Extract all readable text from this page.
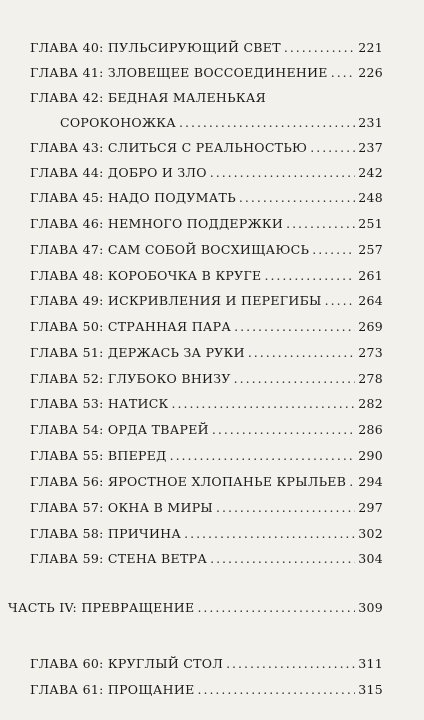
ГЛАВА 40: ПУЛЬСИРУЮЩИЙ СВЕТ .....	221
ГЛАВА 41: ЗЛОВЕЩЕЕ ВОССОЕДИНЕНИЕ ..... 226
ГЛАВА 42: БЕДНАЯ МАЛЕНЬКАЯ
СОРОКОНОЖКА .....	231
ГЛАВА 43: СЛИТЬСЯ С РЕАЛЬНОСТЬЮ .....	237
ГЛАВА 44: ДОБРО И ЗЛО .....	242
ГЛАВА 45: НАДО ПОДУМАТЬ .....	248
ГЛАВА 46: НЕМНОГО ПОДДЕРЖКИ .....	251
ГЛАВА 47: САМ СОБОЙ ВОСХИЩАЮСЬ .....	257
ГЛАВА 48: КОРОБОЧКА В КРУГЕ .....	261
ГЛАВА 49: ИСКРИВЛЕНИЯ И ПЕРЕГИБЫ .....	264
ГЛАВА 50: СТРАННАЯ ПАРА .....	269
ГЛАВА 51: ДЕРЖАСЬ ЗА РУКИ .....	273
ГЛАВА 52: ГЛУБОКО ВНИЗУ .....	278
ГЛАВА 53: НАТИСК .....	282
ГЛАВА 54: ОРДА ТВАРЕЙ .....	286
ГЛАВА 55: ВПЕРЕД .....	290
ГЛАВА 56: ЯРОСТНОЕ ХЛОПАНЬЕ КРЫЛЬЕВ ..... 294
ГЛАВА 57: ОКНА В МИРЫ .....	297
ГЛАВА 58: ПРИЧИНА .....	302
ГЛАВА 59: СТЕНА ВЕТРА .....	304
ЧАСТЬ IV: ПРЕВРАЩЕНИЕ .....	309
ГЛАВА 60: КРУГЛЫЙ СТОЛ .....	311
ГЛАВА 61: ПРОЩАНИЕ .....	315
